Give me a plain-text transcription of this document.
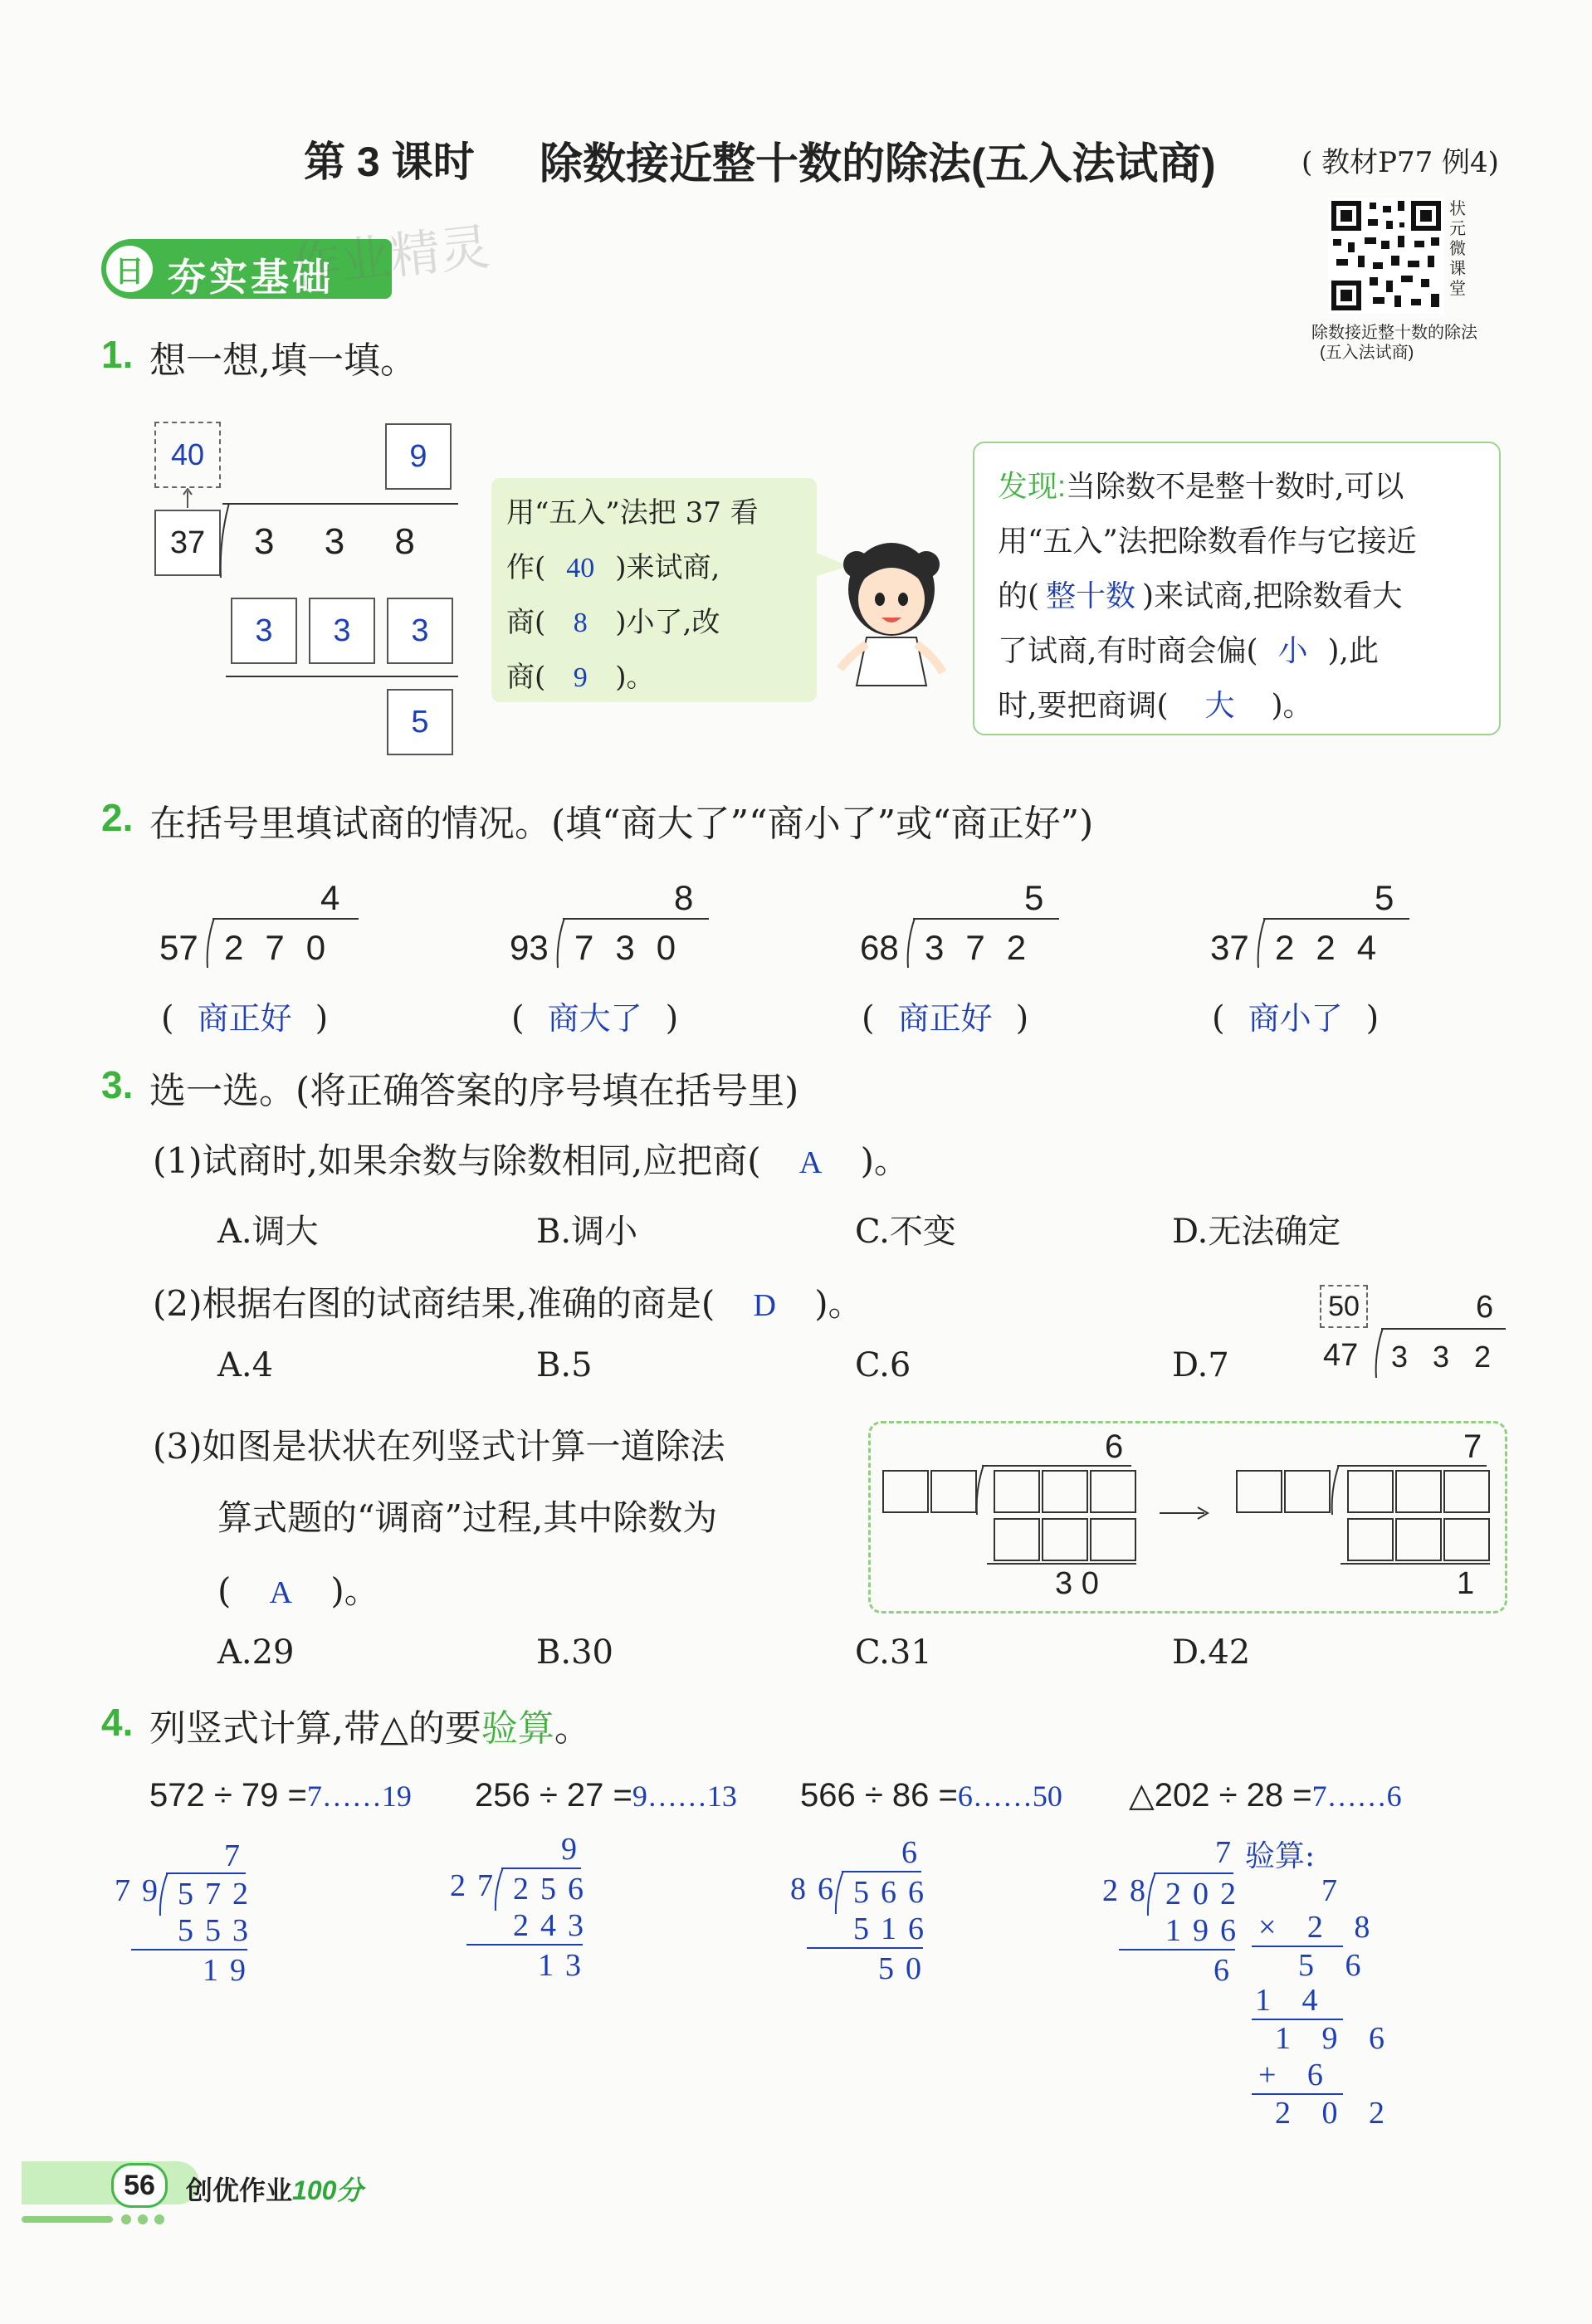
第 3 课时 除数接近整十数的除法(五入法试商)	( 教材P77 例4)
日 夯实基础
作业精灵
状元微课堂
除数接近整十数的除法
(五入法试商)
1. 想一想,填一填。
40	9
37	3 3 8
3	3	3
5
用“五入”法把 37 看
作( 40 )来试商,
商( 8 )小了,改
商( 9 )。
发现:当除数不是整十数时,可以
用“五入”法把除数看作与它接近
的( 整十数 )来试商,把除数看大
了试商,有时商会偏( 小 ),此
时,要把商调( 大 )。
2. 在括号里填试商的情况。(填“商大了”“商小了”或“商正好”)
4
57 270
( 商正好 )
8
93 730
( 商大了 )
5
68 372
( 商正好 )
5
37 224
( 商小了 )
3. 选一选。(将正确答案的序号填在括号里)
(1)试商时,如果余数与除数相同,应把商( A )。
A.调大	B.调小	C.不变	D.无法确定
(2)根据右图的试商结果,准确的商是( D )。
A.4	B.5	C.6	D.7
50	6
47 3 3 2
(3)如图是状状在列竖式计算一道除法
算式题的“调商”过程,其中除数为
( A )。
A.29	B.30	C.31	D.42
6
3 0
7
1
4. 列竖式计算,带△的要验算。
572 ÷ 79 =7……19 256 ÷ 27 =9……13 566 ÷ 86 =6……50 △202 ÷ 28 =7……6
7
79 572
553
19
9
27 256
243
13
6
86 566
516
50
7
28 202
196
6
验算:
7
× 2 8
5 6
1 4
1 9 6
+ 6
2 0 2
56	创优作业100分
